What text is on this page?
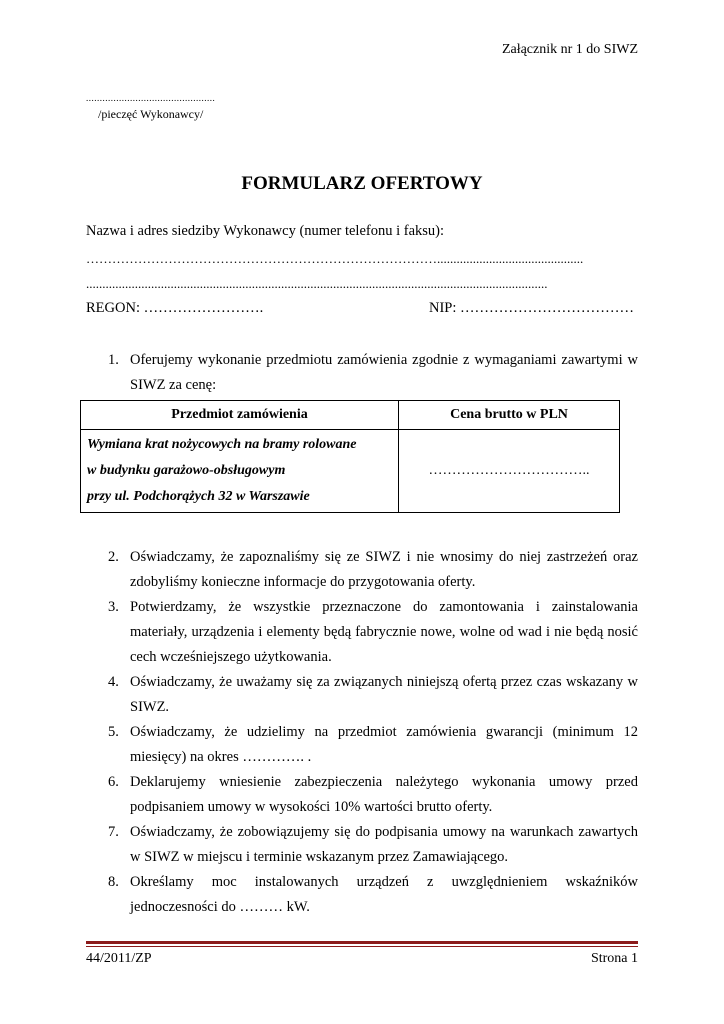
Załącznik nr 1 do SIWZ
...............................................
/pieczęć Wykonawcy/
FORMULARZ OFERTOWY
Nazwa i adres siedziby Wykonawcy (numer telefonu i faksu):
……………………………………………………………………….............................................
..............................................................................................................................................
REGON: …………………….	NIP: ………………………………
1. Oferujemy wykonanie przedmiotu zamówienia zgodnie z wymaganiami zawartymi w SIWZ za cenę:
Przedmiot zamówienia	Cena brutto w PLN

Wymiana krat nożycowych na bramy rolowane
w budynku garażowo-obsługowym
przy ul. Podchorążych 32 w Warszawie	……………………………..
2. Oświadczamy, że zapoznaliśmy się ze SIWZ i nie wnosimy do niej zastrzeżeń oraz zdobyliśmy konieczne informacje do przygotowania oferty.
3. Potwierdzamy, że wszystkie przeznaczone do zamontowania i zainstalowania materiały, urządzenia i elementy będą fabrycznie nowe, wolne od wad i nie będą nosić cech wcześniejszego użytkowania.
4. Oświadczamy, że uważamy się za związanych niniejszą ofertą przez czas wskazany w SIWZ.
5. Oświadczamy, że udzielimy na przedmiot zamówienia gwarancji (minimum 12 miesięcy) na okres …………. .
6. Deklarujemy wniesienie zabezpieczenia należytego wykonania umowy przed podpisaniem umowy w wysokości 10% wartości brutto oferty.
7. Oświadczamy, że zobowiązujemy się do podpisania umowy na warunkach zawartych w SIWZ w miejscu i terminie wskazanym przez Zamawiającego.
8. Określamy moc instalowanych urządzeń z uwzględnieniem wskaźników jednoczesności do ……… kW.
44/2011/ZP	Strona 1
